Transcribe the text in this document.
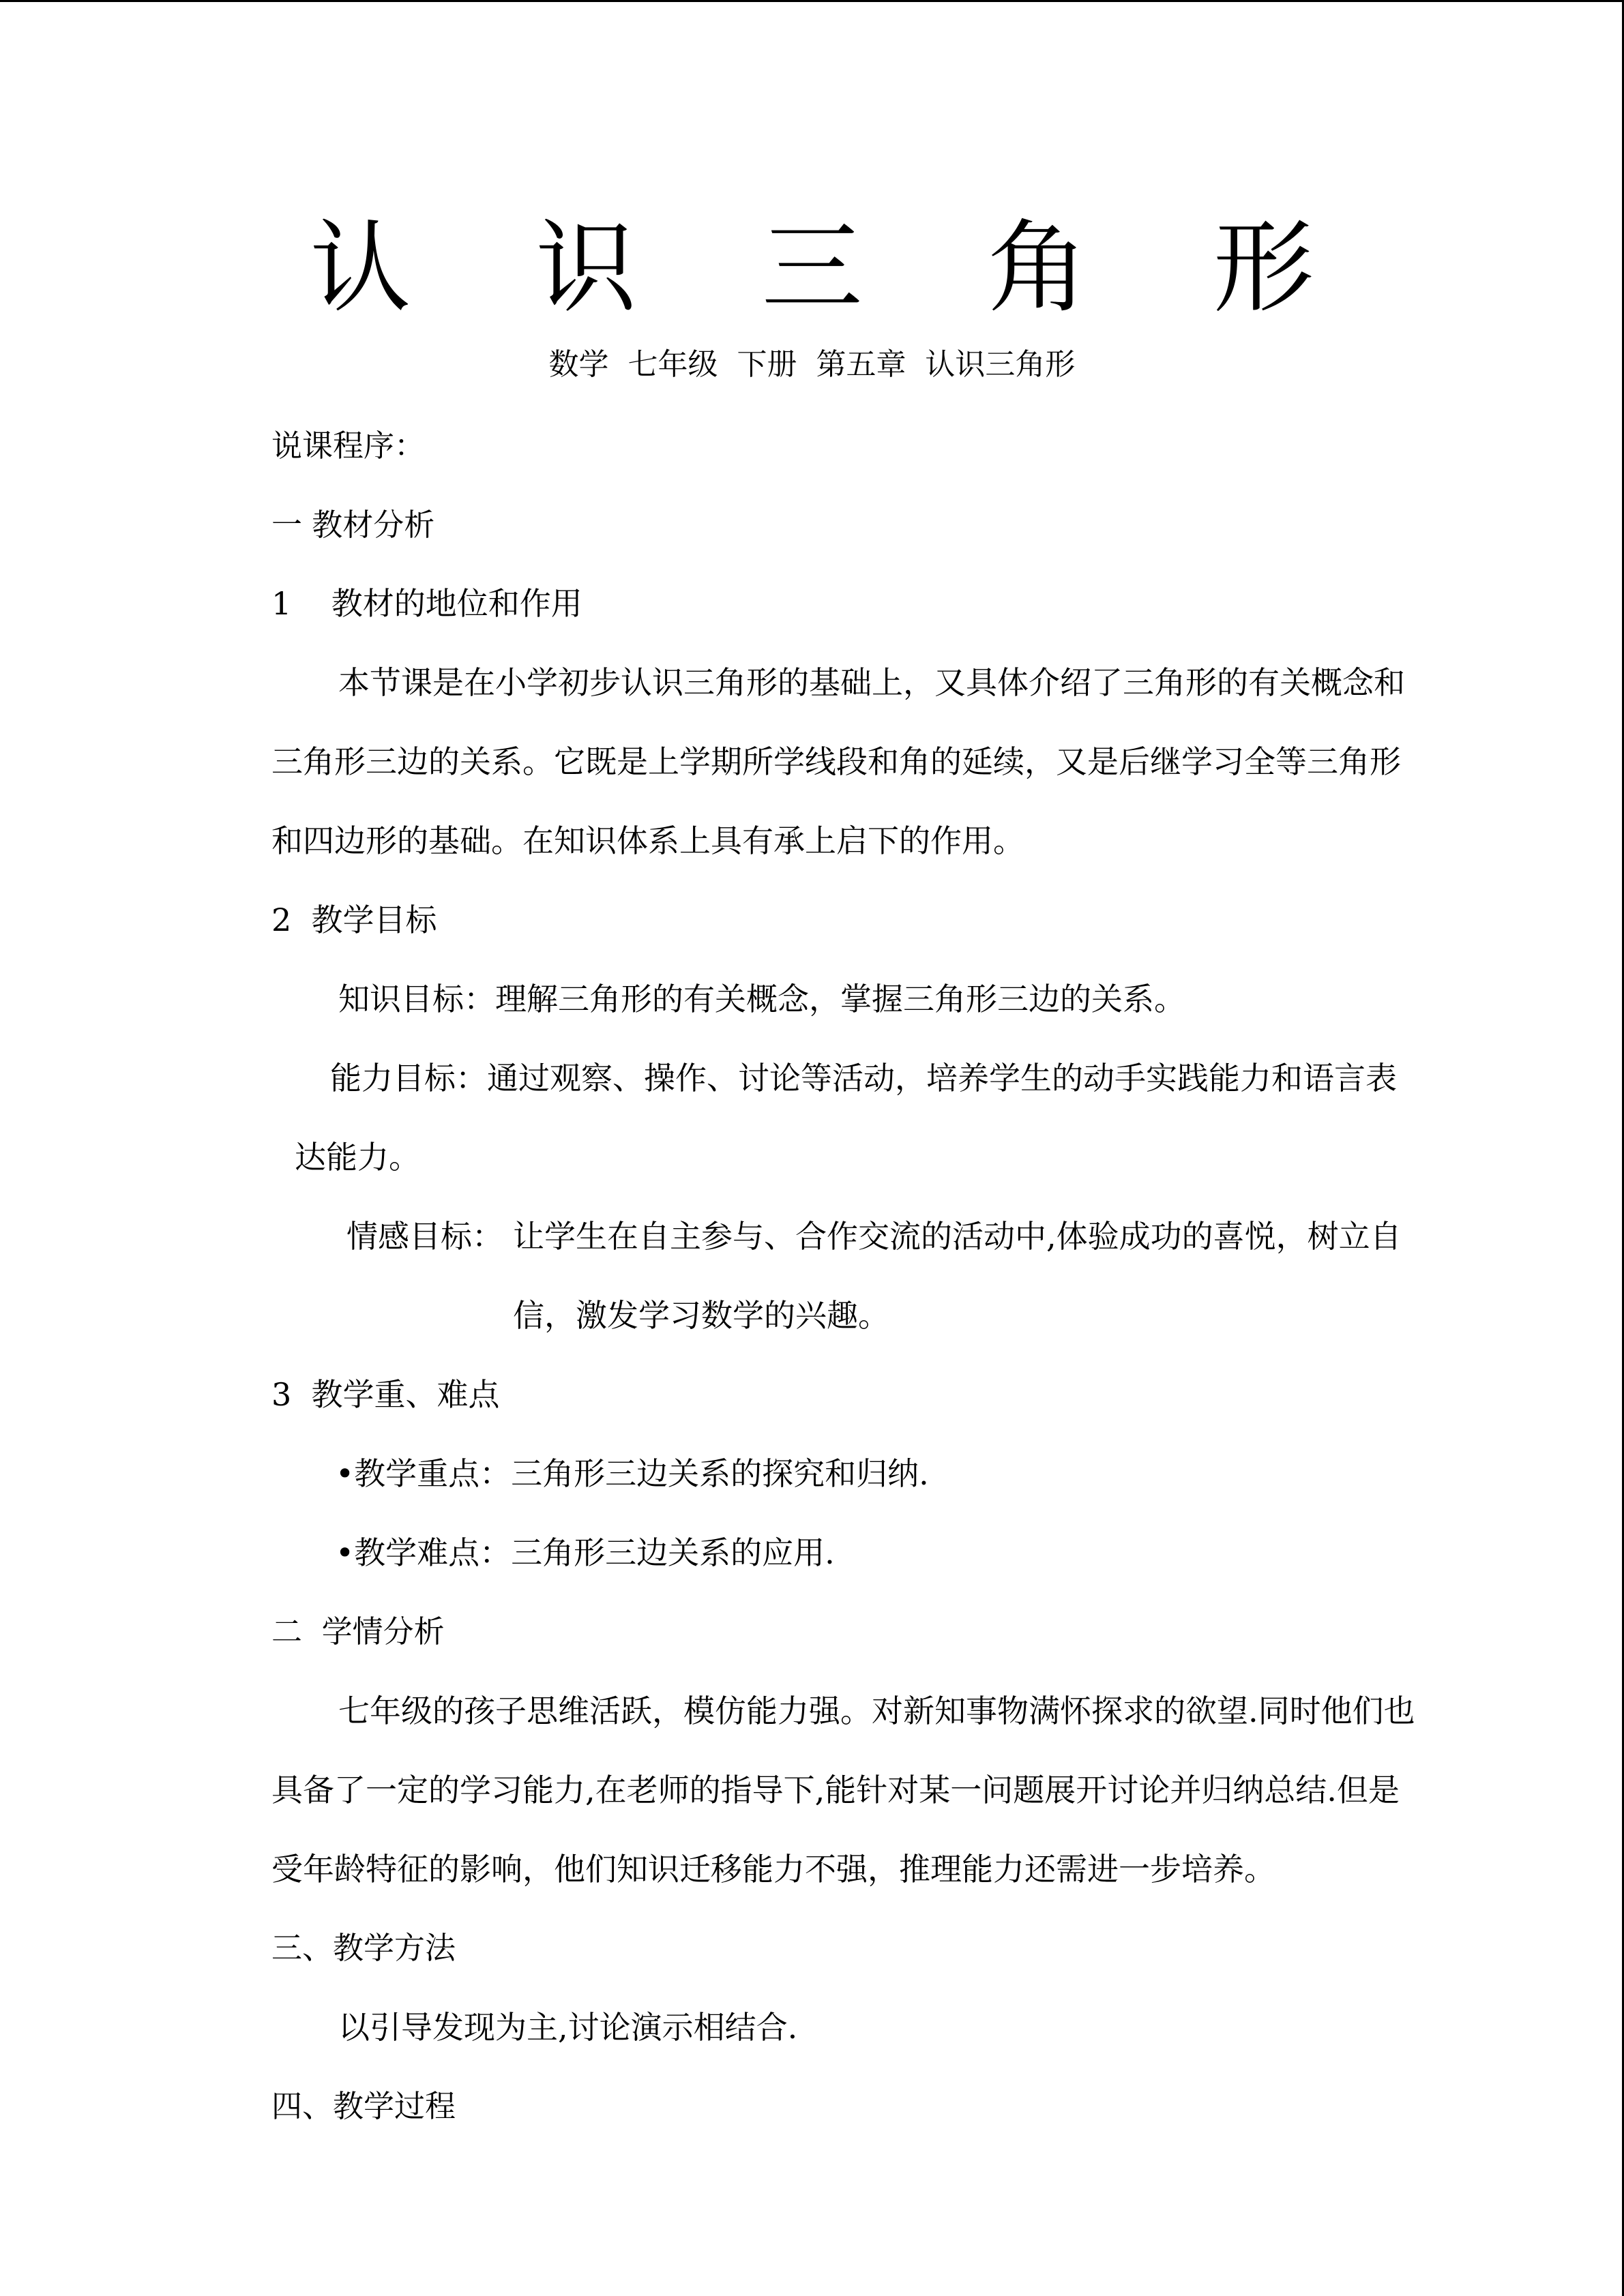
认 识 三 角 形
数学  七年级  下册  第五章  认识三角形
说课程序：
一 教材分析
1    教材的地位和作用
本节课是在小学初步认识三角形的基础上，又具体介绍了三角形的有关概念和
三角形三边的关系。它既是上学期所学线段和角的延续，又是后继学习全等三角形
和四边形的基础。在知识体系上具有承上启下的作用。
2  教学目标
知识目标：理解三角形的有关概念，掌握三角形三边的关系。
能力目标：通过观察、操作、讨论等活动，培养学生的动手实践能力和语言表
达能力。
情感目标： 让学生在自主参与、合作交流的活动中,体验成功的喜悦，树立自
信，激发学习数学的兴趣。
3  教学重、难点
•教学重点：三角形三边关系的探究和归纳.
•教学难点：三角形三边关系的应用.
二  学情分析
七年级的孩子思维活跃，模仿能力强。对新知事物满怀探求的欲望.同时他们也
具备了一定的学习能力,在老师的指导下,能针对某一问题展开讨论并归纳总结.但是
受年龄特征的影响，他们知识迁移能力不强，推理能力还需进一步培养。
三、教学方法
以引导发现为主,讨论演示相结合.
四、教学过程
